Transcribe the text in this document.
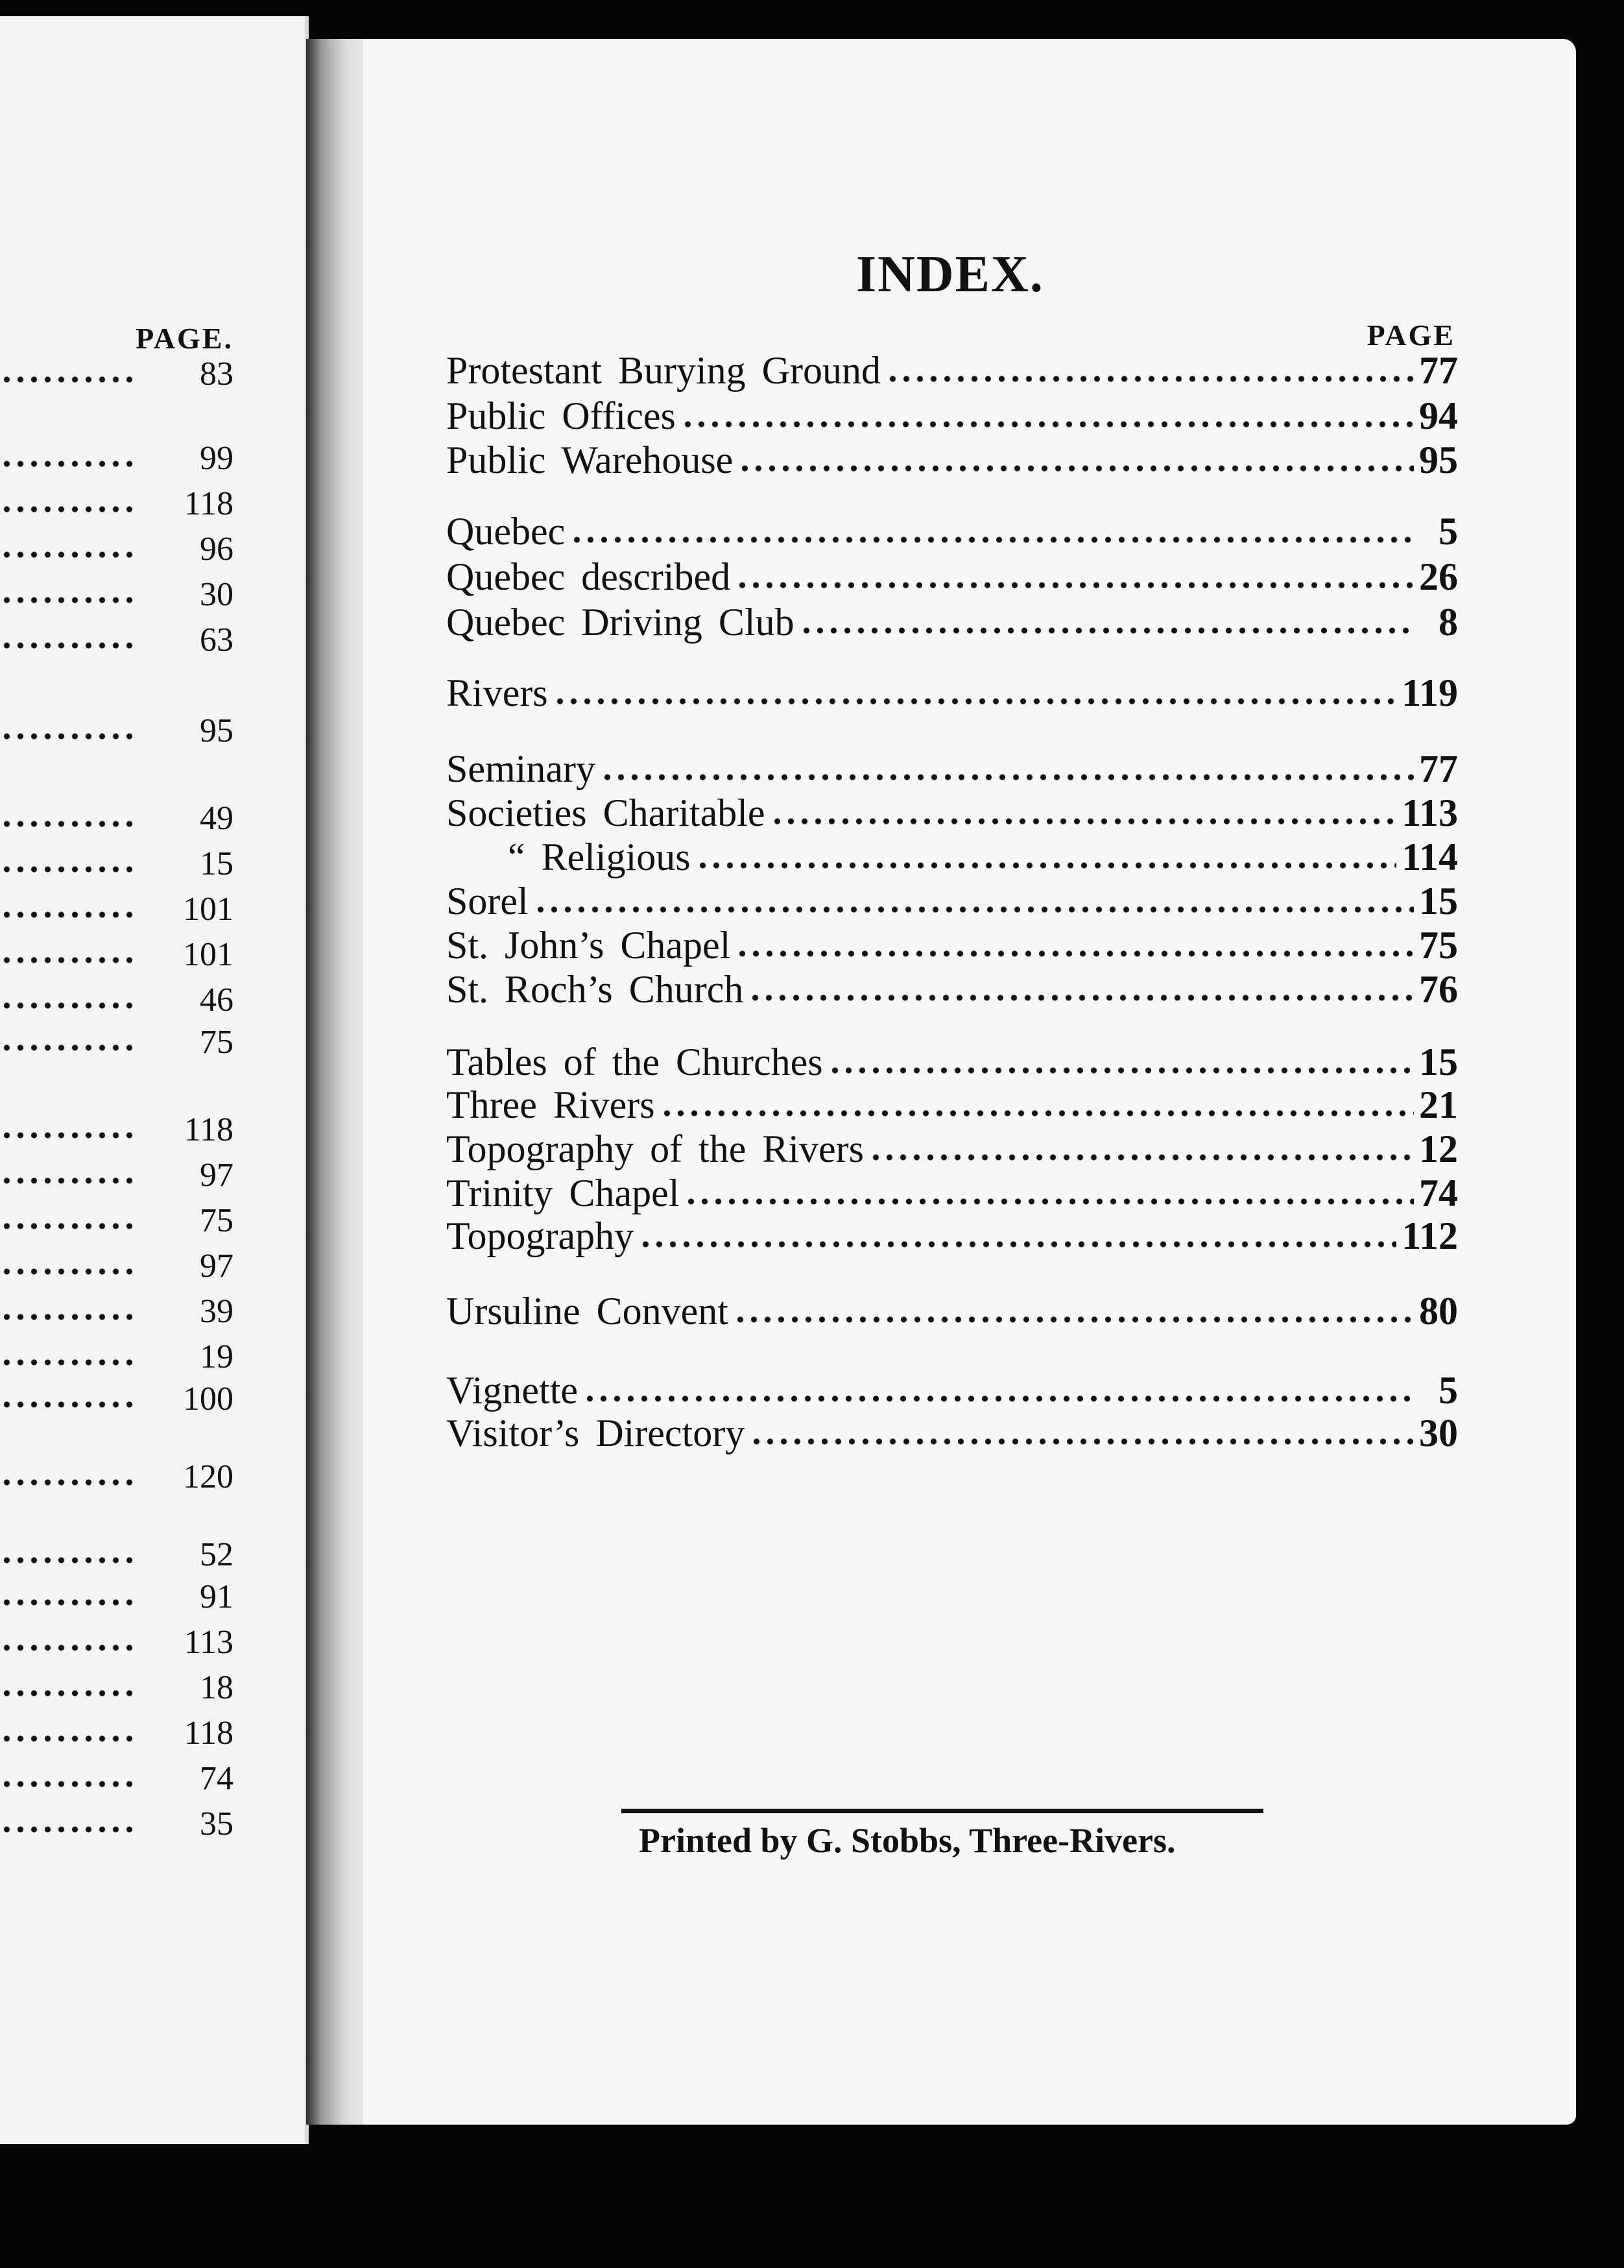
PAGE.
83
99
118
96
30
63
95
49
15
101
101
46
75
118
97
75
97
39
19
100
120
52
91
113
18
118
74
35
INDEX.
PAGE
Protestant Burying Ground	77
Public Offices	94
Public Warehouse	95
Quebec	5
Quebec described	26
Quebec Driving Club	8
Rivers	119
Seminary	77
Societies Charitable	113
“ Religious	114
Sorel	15
St. John’s Chapel	75
St. Roch’s Church	76
Tables of the Churches	15
Three Rivers	21
Topography of the Rivers	12
Trinity Chapel	74
Topography	112
Ursuline Convent	80
Vignette	5
Visitor’s Directory	30

Printed by G. Stobbs, Three-Rivers.
